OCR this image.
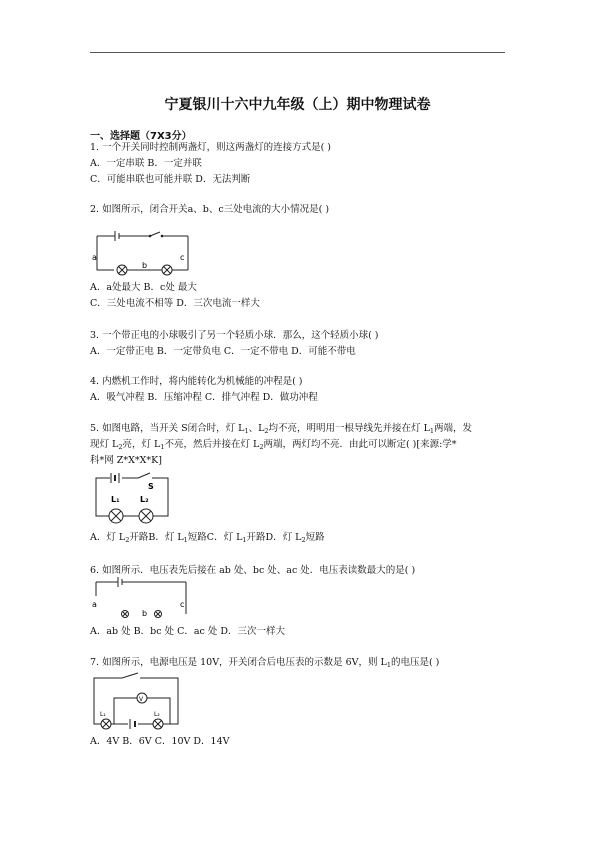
宁夏银川十六中九年级（上）期中物理试卷
一、选择题（7X3分）
1. 一个开关同时控制两盏灯，则这两盏灯的连接方式是( )
A．一定串联 B．一定并联
C．可能串联也可能并联 D．无法判断
2. 如图所示，闭合开关a、b、c三处电流的大小情况是( )
a
b
c
A．a处最大 B．c处 最大
C．三处电流不相等 D．三次电流一样大
3. 一个带正电的小球吸引了另一个轻质小球．那么，这个轻质小球( )
A．一定带正电 B．一定带负电 C．一定不带电 D．可能不带电
4. 内燃机工作时，将内能转化为机械能的冲程是( )
A．吸气冲程 B．压缩冲程 C．排气冲程 D．做功冲程
5. 如图电路，当开关 S闭合时，灯 $L_1$、$L_2$均不亮，明明用一根导线先并接在灯 $L_1$两端，发
现灯 $L_2$亮，灯 $L_1$不亮，然后并接在灯 $L_2$两端，两灯均不亮．由此可以断定( )[来源:学*
科*网 Z*X*X*K]
S
L₁	L₂
A．灯 $L_2$开路B．灯 $L_1$短路C．灯 $L_1$开路D．灯 $L_2$短路
6. 如图所示．电压表先后接在 ab 处、bc 处、ac 处．电压表读数最大的是( )
a
b
c
A．ab 处 B．bc 处 C．ac 处 D．三次一样大
7. 如图所示，电源电压是 10V，开关闭合后电压表的示数是 6V，则 $L_1$的电压是( )
V
L₁	L₂
A．4V B．6V C．10V D．14V
